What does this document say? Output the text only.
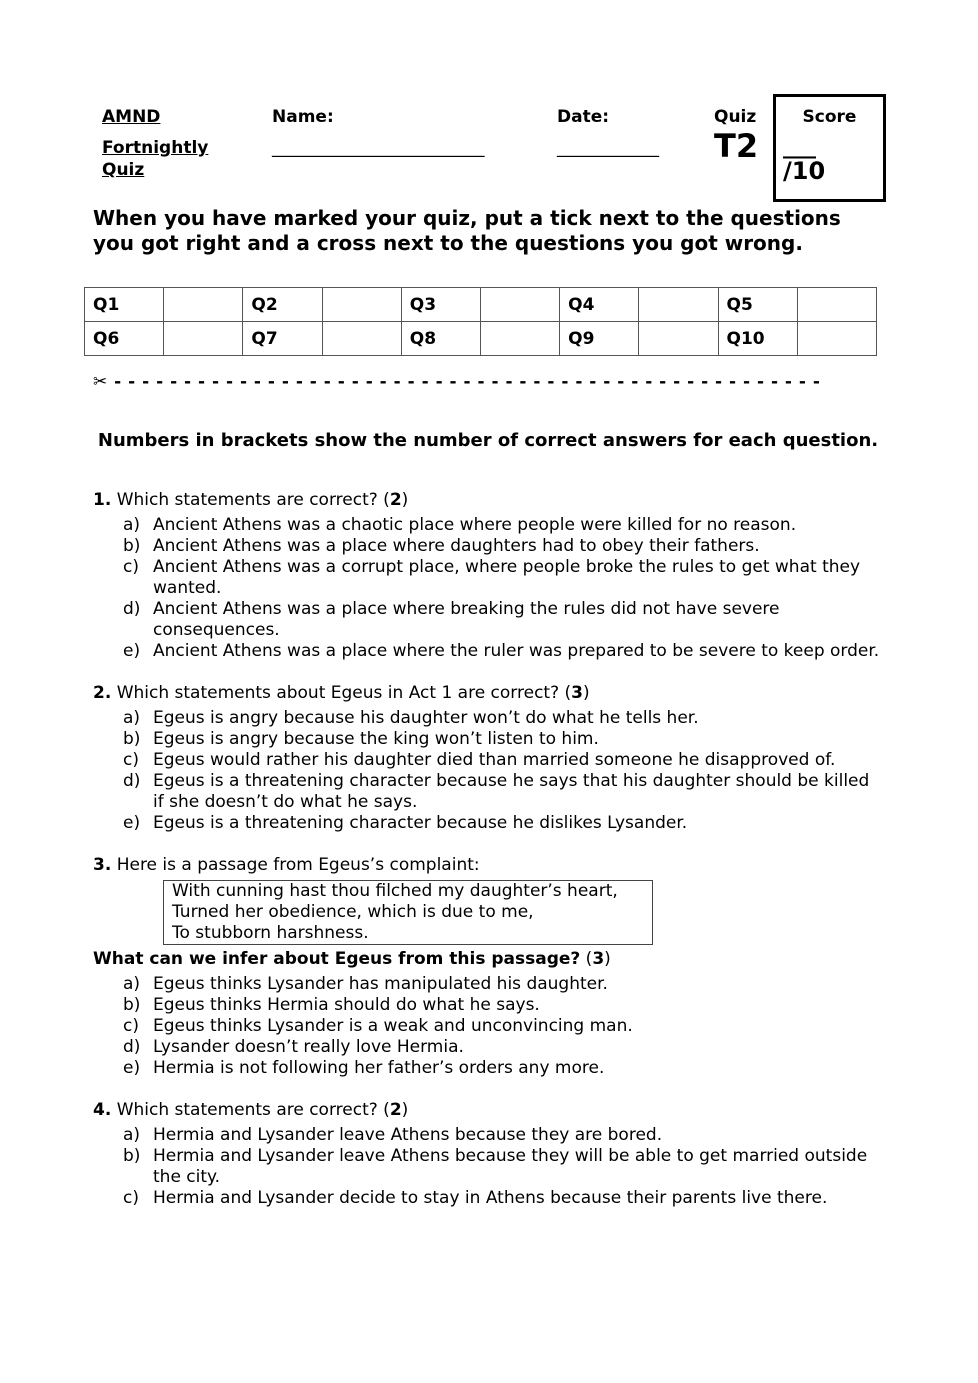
AMND
Fortnightly Quiz
Name:
_________________________
Date:
____________
Quiz
T2
Score
___
/10
When you have marked your quiz, put a tick next to the questions you got right and a cross next to the questions you got wrong.
Q1		Q2		Q3		Q4		Q5	
Q6		Q7		Q8		Q9		Q10	
✂ - - - - - - - - - - - - - - - - - - - - - - - - - - - - - - - - - - - - - - - - - - - - - - - - - - -
Numbers in brackets show the number of correct answers for each question.

1. Which statements are correct? (2)

a) Ancient Athens was a chaotic place where people were killed for no reason.
b) Ancient Athens was a place where daughters had to obey their fathers.
c) Ancient Athens was a corrupt place, where people broke the rules to get what they wanted.
d) Ancient Athens was a place where breaking the rules did not have severe consequences.
e) Ancient Athens was a place where the ruler was prepared to be severe to keep order.

2. Which statements about Egeus in Act 1 are correct? (3)

a) Egeus is angry because his daughter won’t do what he tells her.
b) Egeus is angry because the king won’t listen to him.
c) Egeus would rather his daughter died than married someone he disapproved of.
d) Egeus is a threatening character because he says that his daughter should be killed if she doesn’t do what he says.
e) Egeus is a threatening character because he dislikes Lysander.

3. Here is a passage from Egeus’s complaint:

With cunning hast thou filched my daughter’s heart,
Turned her obedience, which is due to me,
To stubborn harshness.

What can we infer about Egeus from this passage? (3)

a) Egeus thinks Lysander has manipulated his daughter.
b) Egeus thinks Hermia should do what he says.
c) Egeus thinks Lysander is a weak and unconvincing man.
d) Lysander doesn’t really love Hermia.
e) Hermia is not following her father’s orders any more.

4. Which statements are correct? (2)

a) Hermia and Lysander leave Athens because they are bored.
b) Hermia and Lysander leave Athens because they will be able to get married outside the city.
c) Hermia and Lysander decide to stay in Athens because their parents live there.
